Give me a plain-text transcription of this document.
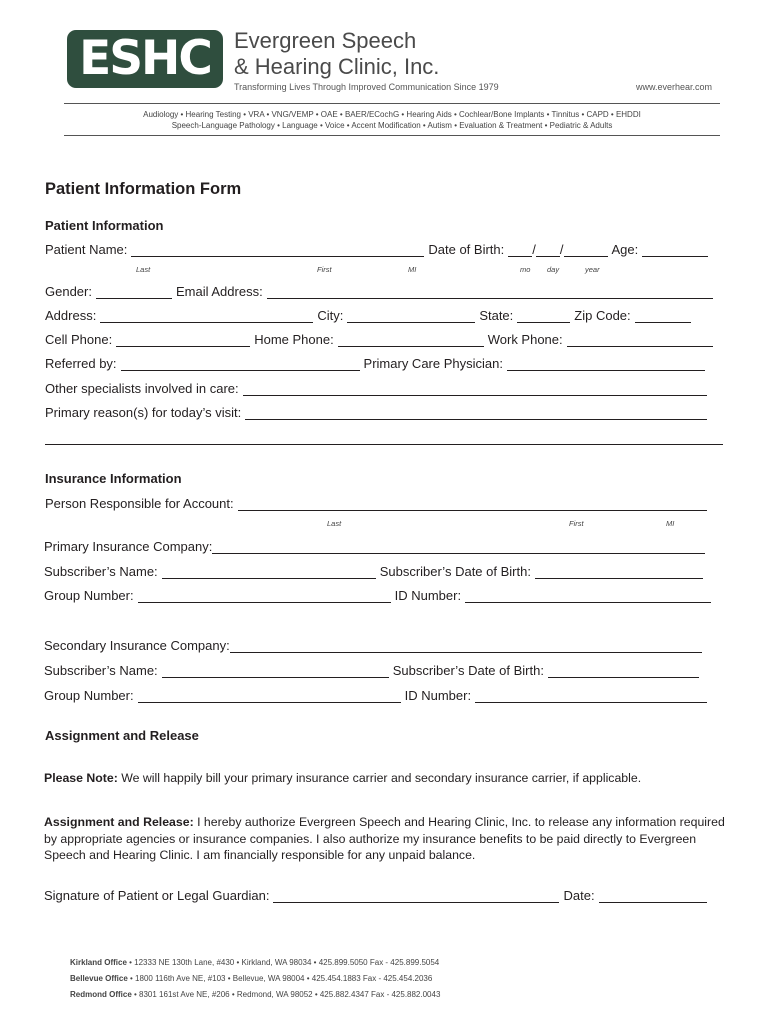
ESHC	Evergreen Speech
& Hearing Clinic, Inc.
Transforming Lives Through Improved Communication Since 1979	www.everhear.com
Audiology • Hearing Testing • VRA • VNG/VEMP • OAE • BAER/ECochG • Hearing Aids • Cochlear/Bone Implants • Tinnitus • CAPD • EHDDI
Speech-Language Pathology • Language • Voice • Accent Modification • Autism • Evaluation & Treatment • Pediatric & Adults
Patient Information Form
Patient Information
Patient Name:	Date of Birth:	/ /	Age:
Last	First	MI	mo day	year
Gender:	Email Address:
Address:	City:	State:	Zip Code:
Cell Phone:	Home Phone:	Work Phone:
Referred by:	Primary Care Physician:
Other specialists involved in care:
Primary reason(s) for today’s visit:
Insurance Information
Person Responsible for Account:
Last	First	MI
Primary Insurance Company:
Subscriber’s Name:	Subscriber’s Date of Birth:
Group Number:	ID Number:
Secondary Insurance Company:
Subscriber’s Name:	Subscriber’s Date of Birth:
Group Number:	ID Number:
Assignment and Release
Please Note: We will happily bill your primary insurance carrier and secondary insurance carrier, if applicable.
Assignment and Release: I hereby authorize Evergreen Speech and Hearing Clinic, Inc. to release any information required by appropriate agencies or insurance companies. I also authorize my insurance benefits to be paid directly to Evergreen Speech and Hearing Clinic. I am financially responsible for any unpaid balance.
Signature of Patient or Legal Guardian:	Date:
Kirkland Office • 12333 NE 130th Lane, #430 • Kirkland, WA 98034 • 425.899.5050 Fax - 425.899.5054
Bellevue Office • 1800 116th Ave NE, #103 • Bellevue, WA 98004 • 425.454.1883 Fax - 425.454.2036
Redmond Office • 8301 161st Ave NE, #206 • Redmond, WA 98052 • 425.882.4347 Fax - 425.882.0043
